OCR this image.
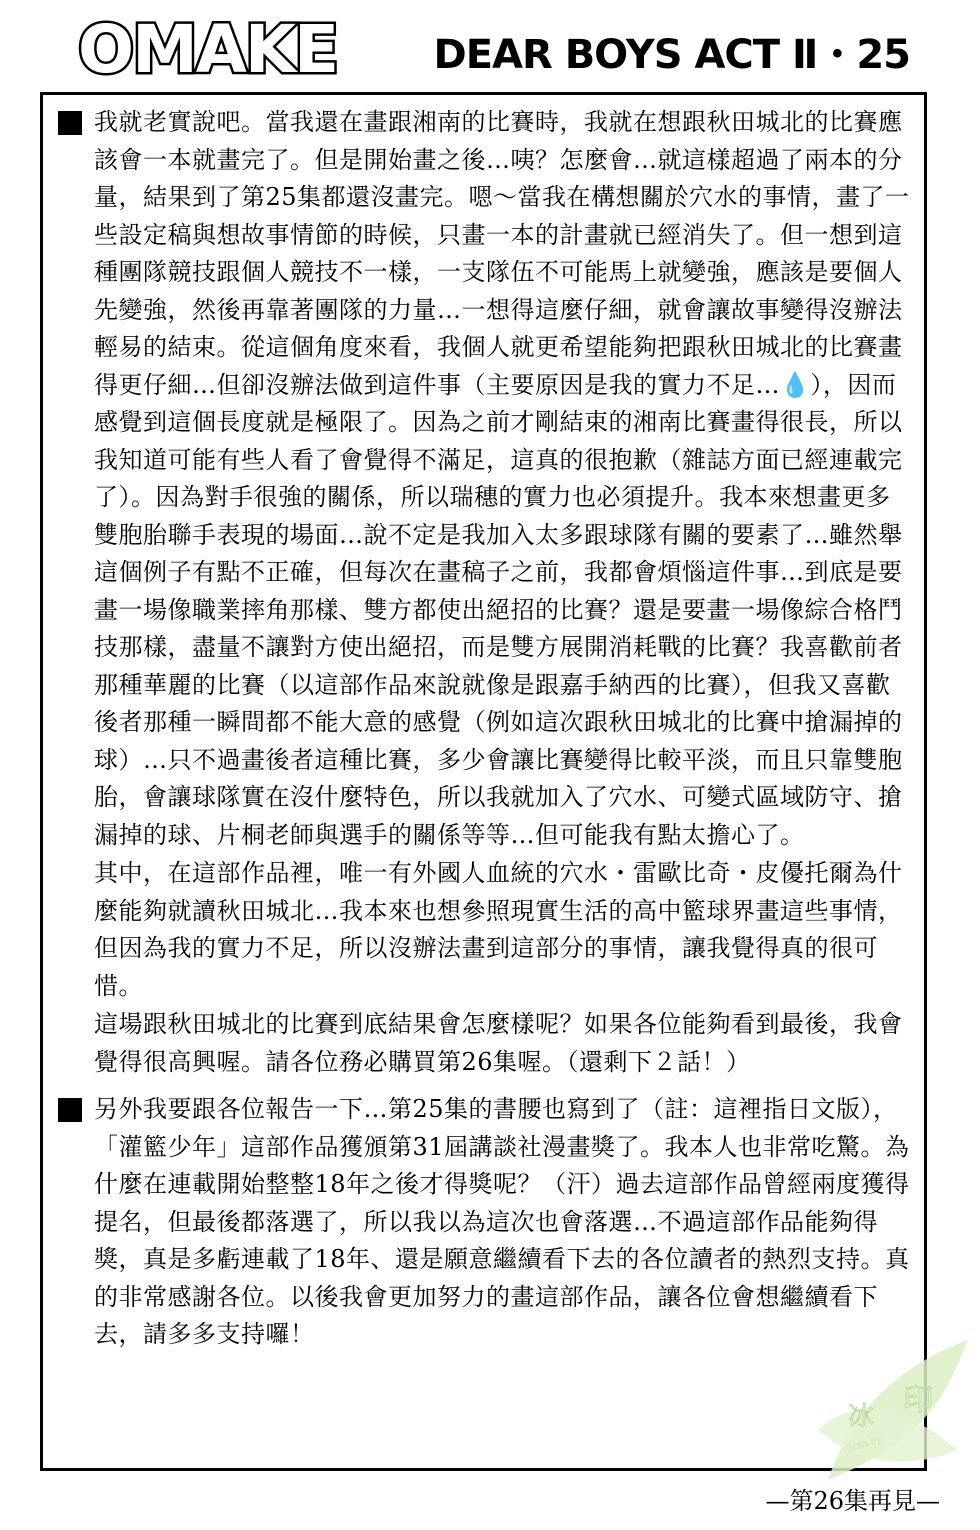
OMAKE DEAR BOYS ACT Ⅱ・25
我就老實說吧。當我還在畫跟湘南的比賽時，我就在想跟秋田城北的比賽應該會一本就畫完了。但是開始畫之後…咦？怎麼會…就這樣超過了兩本的分量，結果到了第25集都還沒畫完。嗯～當我在構想關於穴水的事情，畫了一些設定稿與想故事情節的時候，只畫一本的計畫就已經消失了。但一想到這種團隊競技跟個人競技不一樣，一支隊伍不可能馬上就變強，應該是要個人先變強，然後再靠著團隊的力量…一想得這麼仔細，就會讓故事變得沒辦法輕易的結束。從這個角度來看，我個人就更希望能夠把跟秋田城北的比賽畫得更仔細…但卻沒辦法做到這件事（主要原因是我的實力不足…💧），因而感覺到這個長度就是極限了。因為之前才剛結束的湘南比賽畫得很長，所以我知道可能有些人看了會覺得不滿足，這真的很抱歉（雜誌方面已經連載完了）。因為對手很強的關係，所以瑞穗的實力也必須提升。我本來想畫更多雙胞胎聯手表現的場面…說不定是我加入太多跟球隊有關的要素了…雖然舉這個例子有點不正確，但每次在畫稿子之前，我都會煩惱這件事…到底是要畫一場像職業摔角那樣、雙方都使出絕招的比賽？還是要畫一場像綜合格鬥技那樣，盡量不讓對方使出絕招，而是雙方展開消耗戰的比賽？我喜歡前者那種華麗的比賽（以這部作品來說就像是跟嘉手納西的比賽），但我又喜歡後者那種一瞬間都不能大意的感覺（例如這次跟秋田城北的比賽中搶漏掉的球）…只不過畫後者這種比賽，多少會讓比賽變得比較平淡，而且只靠雙胞胎，會讓球隊實在沒什麼特色，所以我就加入了穴水、可變式區域防守、搶漏掉的球、片桐老師與選手的關係等等…但可能我有點太擔心了。
其中，在這部作品裡，唯一有外國人血統的穴水・雷歐比奇・皮優托爾為什麼能夠就讀秋田城北…我本來也想參照現實生活的高中籃球界畫這些事情，但因為我的實力不足，所以沒辦法畫到這部分的事情，讓我覺得真的很可惜。
這場跟秋田城北的比賽到底結果會怎麼樣呢？如果各位能夠看到最後，我會覺得很高興喔。請各位務必購買第26集喔。（還剩下２話！）
另外我要跟各位報告一下…第25集的書腰也寫到了（註：這裡指日文版），「灌籃少年」這部作品獲頒第31屆講談社漫畫獎了。我本人也非常吃驚。為什麼在連載開始整整18年之後才得獎呢？（汗）過去這部作品曾經兩度獲得提名，但最後都落選了，所以我以為這次也會落選…不過這部作品能夠得獎，真是多虧連載了18年、還是願意繼續看下去的各位讀者的熱烈支持。真的非常感謝各位。以後我會更加努力的畫這部作品，讓各位會想繼續看下去，請多多支持囉！
—第26集再見—
冰 印
Scan by
